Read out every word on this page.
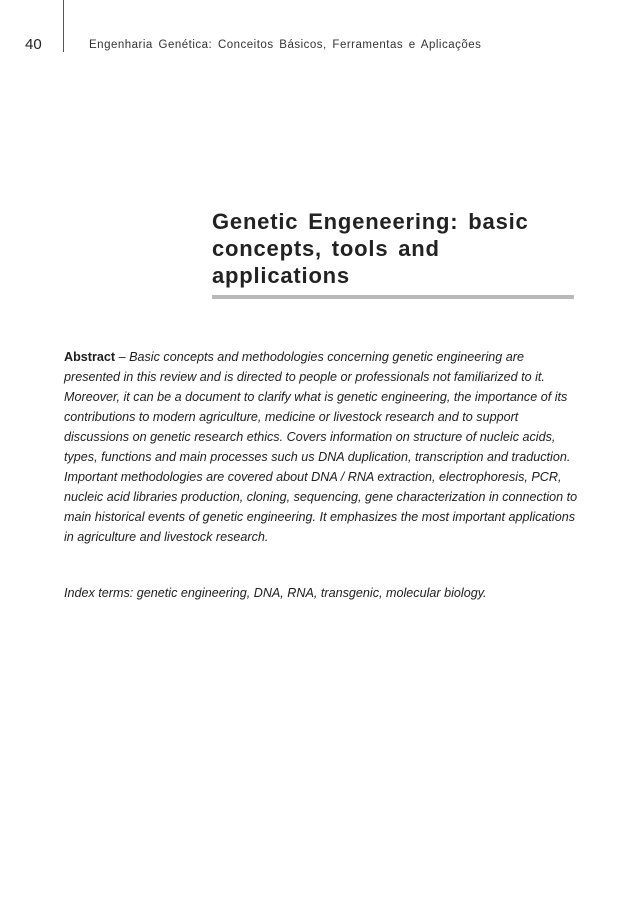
40	Engenharia Genética: Conceitos Básicos, Ferramentas e Aplicações
Genetic Engeneering: basic
concepts, tools and
applications
Abstract – Basic concepts and methodologies concerning genetic engineering are presented in this review and is directed to people or professionals not familiarized to it. Moreover, it can be a document to clarify what is genetic engineering, the importance of its contributions to modern agriculture, medicine or livestock research and to support discussions on genetic research ethics. Covers information on structure of nucleic acids, types, functions and main processes such us DNA duplication, transcription and traduction. Important methodologies are covered about DNA / RNA extraction, electrophoresis, PCR, nucleic acid libraries production, cloning, sequencing, gene characterization in connection to main historical events of genetic engineering. It emphasizes the most important applications in agriculture and livestock research.
Index terms: genetic engineering, DNA, RNA, transgenic, molecular biology.
